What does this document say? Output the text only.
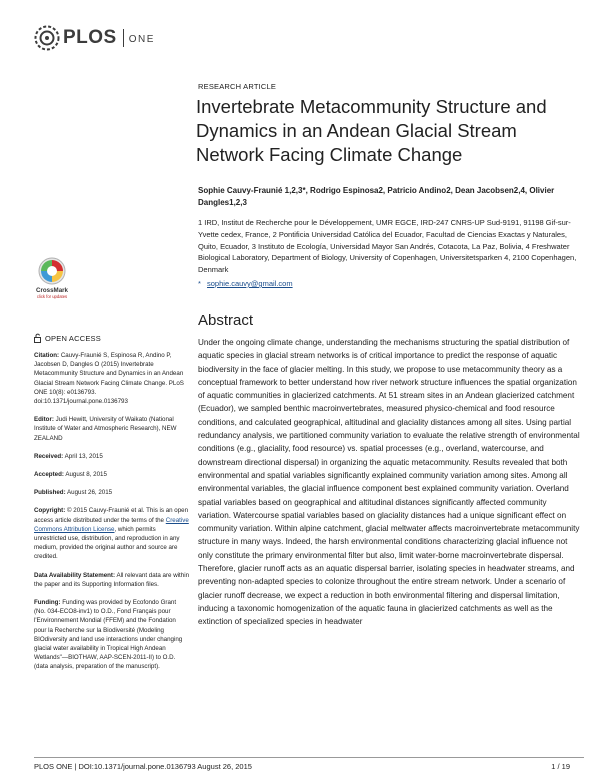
PLOS ONE
RESEARCH ARTICLE
Invertebrate Metacommunity Structure and Dynamics in an Andean Glacial Stream Network Facing Climate Change
Sophie Cauvy-Fraunié 1,2,3*, Rodrigo Espinosa2, Patricio Andino2, Dean Jacobsen2,4, Olivier Dangles1,2,3
1 IRD, Institut de Recherche pour le Développement, UMR EGCE, IRD-247 CNRS-UP Sud-9191, 91198 Gif-sur-Yvette cedex, France, 2 Pontificia Universidad Católica del Ecuador, Facultad de Ciencias Exactas y Naturales, Quito, Ecuador, 3 Instituto de Ecología, Universidad Mayor San Andrés, Cotacota, La Paz, Bolivia, 4 Freshwater Biological Laboratory, Department of Biology, University of Copenhagen, Universitetsparken 4, 2100 Copenhagen, Denmark
* sophie.cauvy@gmail.com
CrossMark
click for updates
OPEN ACCESS

Citation: Cauvy-Fraunié S, Espinosa R, Andino P, Jacobsen D, Dangles O (2015) Invertebrate Metacommunity Structure and Dynamics in an Andean Glacial Stream Network Facing Climate Change. PLoS ONE 10(8): e0136793. doi:10.1371/journal.pone.0136793

Editor: Judi Hewitt, University of Waikato (National Institute of Water and Atmospheric Research), NEW ZEALAND

Received: April 13, 2015

Accepted: August 8, 2015

Published: August 26, 2015

Copyright: © 2015 Cauvy-Fraunié et al. This is an open access article distributed under the terms of the Creative Commons Attribution License, which permits unrestricted use, distribution, and reproduction in any medium, provided the original author and source are credited.

Data Availability Statement: All relevant data are within the paper and its Supporting Information files.

Funding: Funding was provided by Ecofondo Grant (No. 034-ECO8-inv1) to O.D., Fond Français pour l'Environnement Mondial (FFEM) and the Fondation pour la Recherche sur la Biodiversité (Modeling BIOdiversity and land use interactions under changing glacial water availability in Tropical High Andean Wetlands"—BIOTHAW, AAP-SCEN-2011-II) to O.D. (data analysis, preparation of the manuscript).

Abstract

Under the ongoing climate change, understanding the mechanisms structuring the spatial distribution of aquatic species in glacial stream networks is of critical importance to predict the response of aquatic biodiversity in the face of glacier melting. In this study, we propose to use metacommunity theory as a conceptual framework to better understand how river network structure influences the spatial organization of aquatic communities in glacierized catchments. At 51 stream sites in an Andean glacierized catchment (Ecuador), we sampled benthic macroinvertebrates, measured physico-chemical and food resource conditions, and calculated geographical, altitudinal and glaciality distances among all sites. Using partial redundancy analysis, we partitioned community variation to evaluate the relative strength of environmental conditions (e.g., glaciality, food resource) vs. spatial processes (e.g., overland, watercourse, and downstream directional dispersal) in organizing the aquatic metacommunity. Results revealed that both environmental and spatial variables significantly explained community variation among sites. Among all environmental variables, the glacial influence component best explained community variation. Overland spatial variables based on geographical and altitudinal distances significantly affected community variation. Watercourse spatial variables based on glaciality distances had a unique significant effect on community variation. Within alpine catchment, glacial meltwater affects macroinvertebrate metacommunity structure in many ways. Indeed, the harsh environmental conditions characterizing glacial influence not only constitute the primary environmental filter but also, limit water-borne macroinvertebrate dispersal. Therefore, glacier runoff acts as an aquatic dispersal barrier, isolating species in headwater streams, and preventing non-adapted species to colonize throughout the entire stream network. Under a scenario of glacier runoff decrease, we expect a reduction in both environmental filtering and dispersal limitation, inducing a taxonomic homogenization of the aquatic fauna in glacierized catchments as well as the extinction of specialized species in headwater

PLOS ONE | DOI:10.1371/journal.pone.0136793 August 26, 2015	1 / 19
